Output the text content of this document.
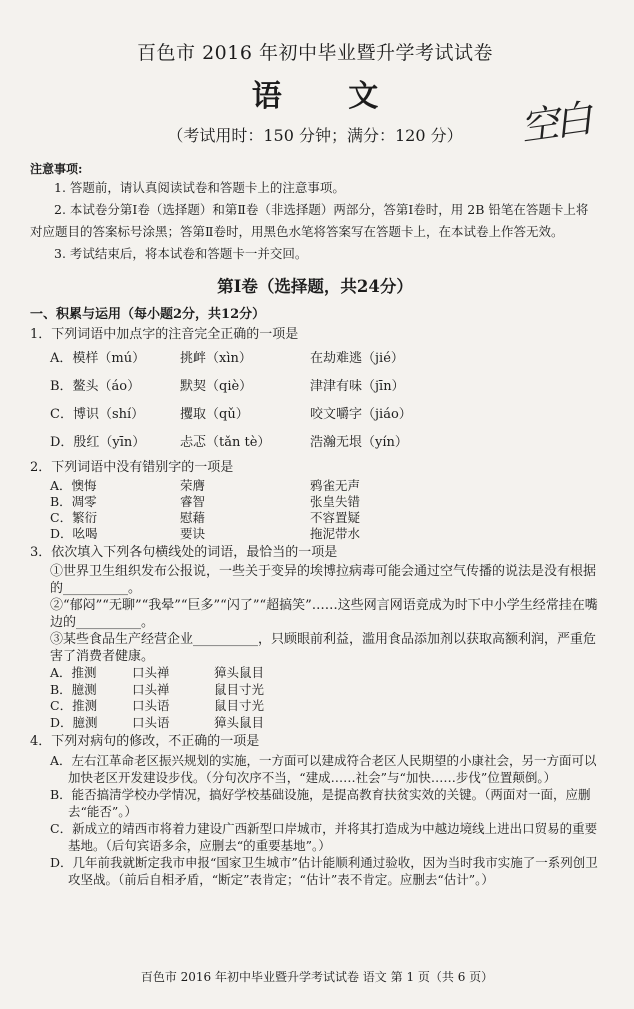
百色市 2016 年初中毕业暨升学考试试卷
语 文
（考试用时：150 分钟；满分：120 分）	空白
注意事项:

1. 答题前，请认真阅读试卷和答题卡上的注意事项。

2. 本试卷分第Ⅰ卷（选择题）和第Ⅱ卷（非选择题）两部分，答第Ⅰ卷时，用 2B 铅笔在答题卡上将对应题目的答案标号涂黑；答第Ⅱ卷时，用黑色水笔将答案写在答题卡上，在本试卷上作答无效。

3. 考试结束后，将本试卷和答题卡一并交回。

第Ⅰ卷（选择题，共24分）
一、积累与运用（每小题2分，共12分）

1．下列词语中加点字的注音完全正确的一项是

A．模样（mú）	挑衅（xìn）	在劫难逃（jié）
B．鳌头（áo）	默契（qiè）	津津有味（jīn）
C．博识（shí）	攫取（qǔ）	咬文嚼字（jiáo）
D．殷红（yīn）	忐忑（tǎn tè）	浩瀚无垠（yín）

2．下列词语中没有错别字的一项是

A．懊悔	荣膺	鸦雀无声
B．凋零	睿智	张皇失错
C．繁衍	慰藉	不容置疑
D．吆喝	要诀	拖泥带水

3．依次填入下列各句横线处的词语，最恰当的一项是

①世界卫生组织发布公报说，一些关于变异的埃博拉病毒可能会通过空气传播的说法是没有根据的__________。

②“郁闷”“无聊”“我晕”“巨多”“闪了”“超搞笑”……这些网言网语竟成为时下中小学生经常挂在嘴边的__________。

③某些食品生产经营企业__________，只顾眼前利益，滥用食品添加剂以获取高额利润，严重危害了消费者健康。

A．推测	口头禅	獐头鼠目
B．臆测	口头禅	鼠目寸光
C．推测	口头语	鼠目寸光
D．臆测	口头语	獐头鼠目

4．下列对病句的修改，不正确的一项是

A．左右江革命老区振兴规划的实施，一方面可以建成符合老区人民期望的小康社会，另一方面可以加快老区开发建设步伐。（分句次序不当，“建成……社会”与“加快……步伐”位置颠倒。）

B．能否搞清学校办学情况，搞好学校基础设施，是提高教育扶贫实效的关键。（两面对一面，应删去“能否”。）

C．新成立的靖西市将着力建设广西新型口岸城市，并将其打造成为中越边境线上进出口贸易的重要基地。（后句宾语多余，应删去“的重要基地”。）

D．几年前我就断定我市申报“国家卫生城市”估计能顺利通过验收，因为当时我市实施了一系列创卫攻坚战。（前后自相矛盾，“断定”表肯定；“估计”表不肯定。应删去“估计”。）

百色市 2016 年初中毕业暨升学考试试卷 语文 第 1 页（共 6 页）
